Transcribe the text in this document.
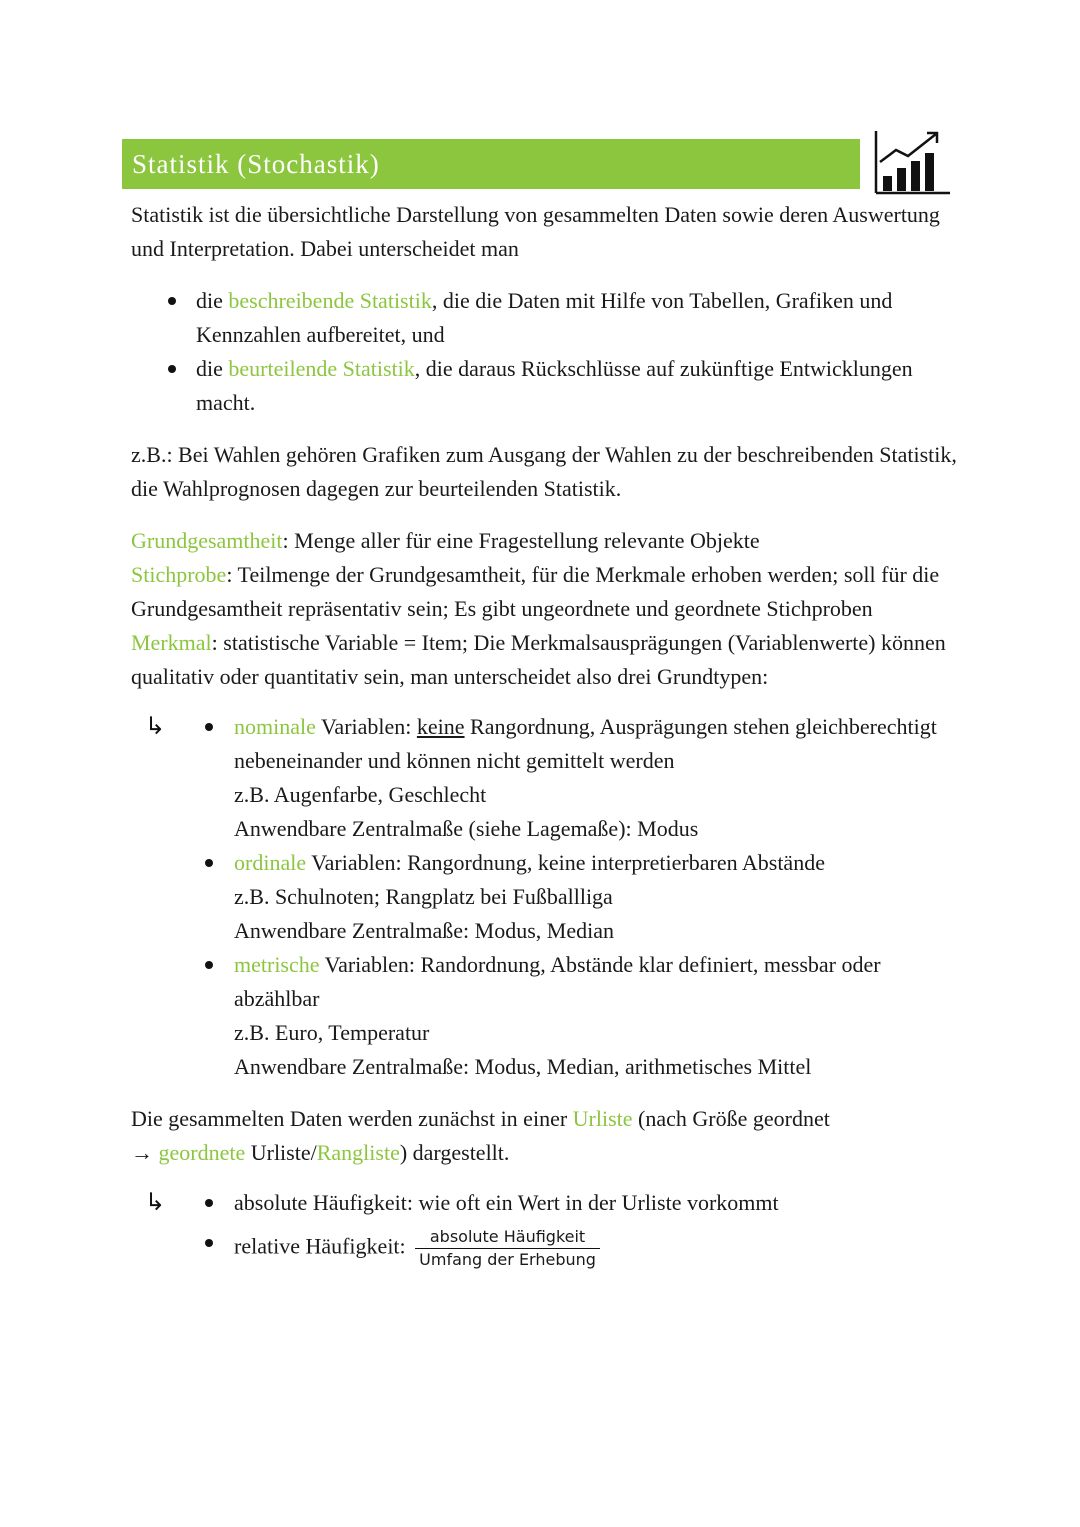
Statistik (Stochastik)

Statistik ist die übersichtliche Darstellung von gesammelten Daten sowie deren Auswertung und Interpretation. Dabei unterscheidet man

die beschreibende Statistik, die die Daten mit Hilfe von Tabellen, Grafiken und Kennzahlen aufbereitet, und
die beurteilende Statistik, die daraus Rückschlüsse auf zukünftige Entwicklungen macht.

z.B.: Bei Wahlen gehören Grafiken zum Ausgang der Wahlen zu der beschreibenden Statistik, die Wahlprognosen dagegen zur beurteilenden Statistik.

Grundgesamtheit: Menge aller für eine Fragestellung relevante Objekte
Stichprobe: Teilmenge der Grundgesamtheit, für die Merkmale erhoben werden; soll für die Grundgesamtheit repräsentativ sein; Es gibt ungeordnete und geordnete Stichproben
Merkmal: statistische Variable = Item; Die Merkmalsausprägungen (Variablenwerte) können qualitativ oder quantitativ sein, man unterscheidet also drei Grundtypen:

↳	nominale Variablen: keine Rangordnung, Ausprägungen stehen gleichberechtigt nebeneinander und können nicht gemittelt werden
z.B. Augenfarbe, Geschlecht
Anwendbare Zentralmaße (siehe Lagemaße): Modus
ordinale Variablen: Rangordnung, keine interpretierbaren Abstände
z.B. Schulnoten; Rangplatz bei Fußballliga
Anwendbare Zentralmaße: Modus, Median
metrische Variablen: Randordnung, Abstände klar definiert, messbar oder abzählbar
z.B. Euro, Temperatur
Anwendbare Zentralmaße: Modus, Median, arithmetisches Mittel

Die gesammelten Daten werden zunächst in einer Urliste (nach Größe geordnet
→ geordnete Urliste/Rangliste) dargestellt.

↳	absolute Häufigkeit: wie oft ein Wert in der Urliste vorkommt
relative Häufigkeit: $\frac{\text{absolute Häufigkeit}}{\text{Umfang der Erhebung}}$
